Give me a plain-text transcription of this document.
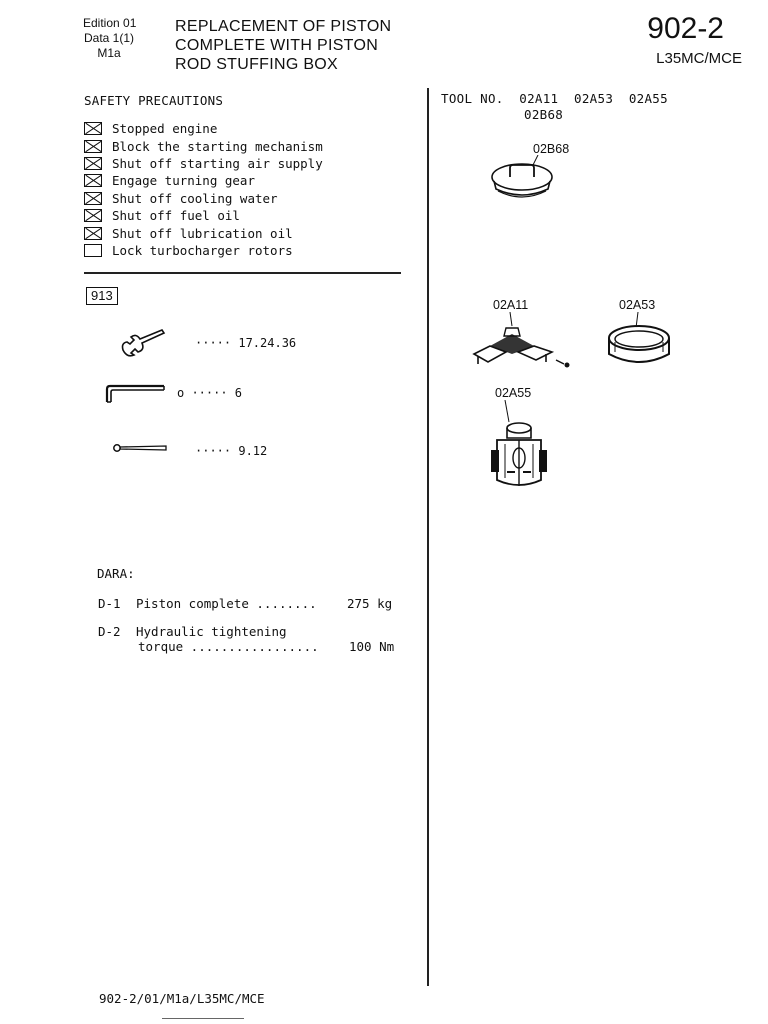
Edition 01
Data 1(1)
M1a
REPLACEMENT OF PISTON
COMPLETE WITH PISTON
ROD STUFFING BOX
902-2
L35MC/MCE
SAFETY PRECAUTIONS
Stopped engine
Block the starting mechanism
Shut off starting air supply
Engage turning gear
Shut off cooling water
Shut off fuel oil
Shut off lubrication oil
Lock turbocharger rotors
913
····· 17.24.36
o ····· 6
····· 9.12
TOOL NO.  02A11  02A53  02A55
02B68
02B68
02A11	02A53
02A55
DARA:
D-1 Piston complete ........ 275 kg
D-2 Hydraulic tightening
torque ................. 100 Nm
902-2/01/M1a/L35MC/MCE
